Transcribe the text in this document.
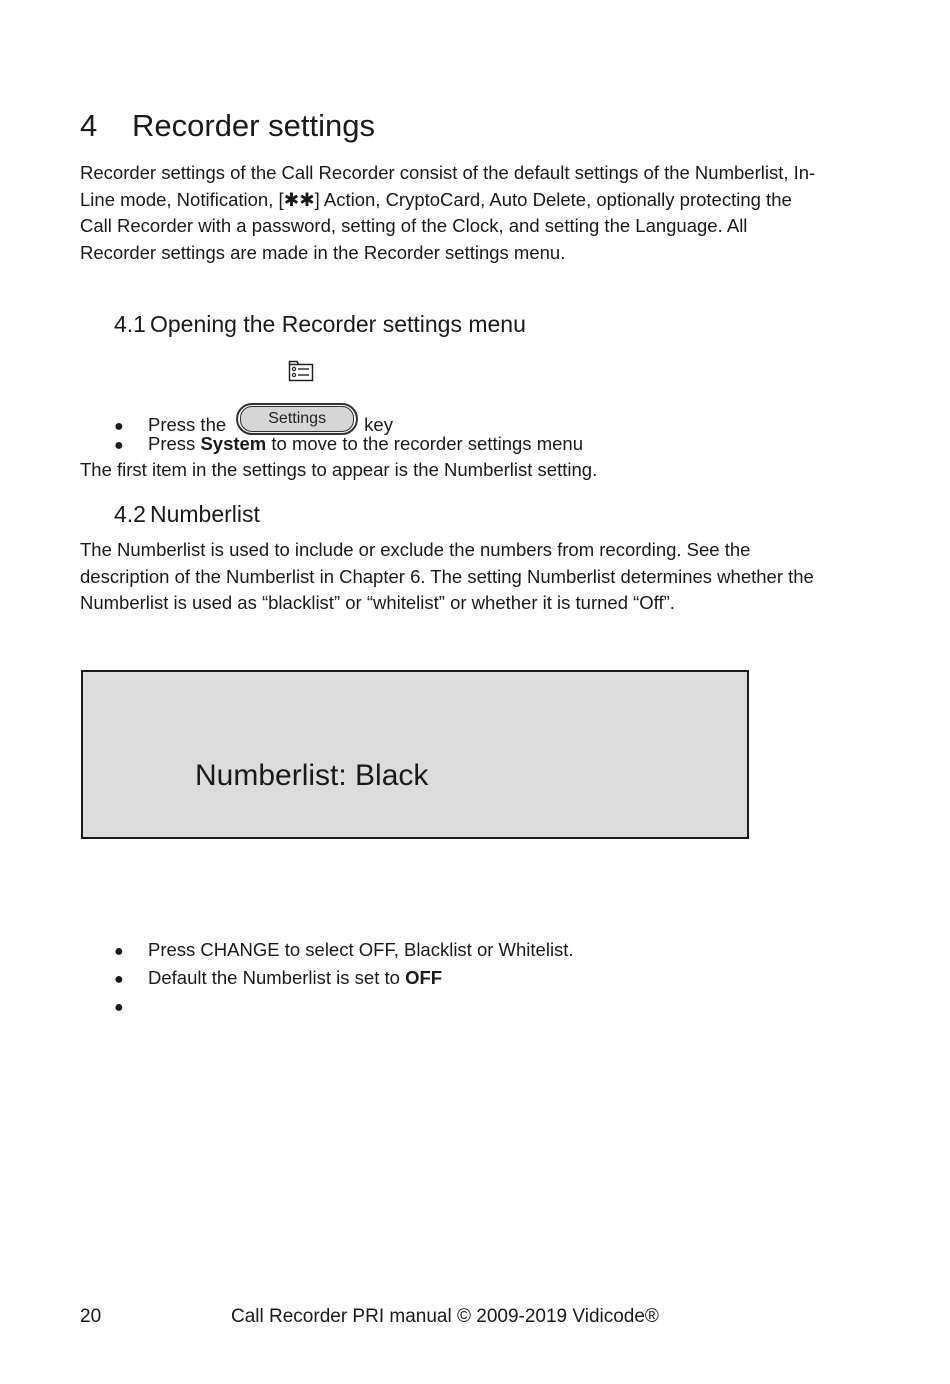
4 Recorder settings
Recorder settings of the Call Recorder consist of the default settings of the Numberlist, In-Line mode, Notification, [✱✱] Action, CryptoCard, Auto Delete, optionally protecting the Call Recorder with a password, setting of the Clock, and setting the Language. All Recorder settings are made in the Recorder settings menu.
4.1 Opening the Recorder settings menu
● Press the	Settings	key
● Press System to move to the recorder settings menu
The first item in the settings to appear is the Numberlist setting.
4.2 Numberlist
The Numberlist is used to include or exclude the numbers from recording. See the description of the Numberlist in Chapter 6. The setting Numberlist determines whether the Numberlist is used as “blacklist” or “whitelist” or whether it is turned “Off”.
Numberlist: Black
● Press CHANGE to select OFF, Blacklist or Whitelist.
● Default the Numberlist is set to OFF
●
20	Call Recorder PRI manual © 2009-2019 Vidicode®
